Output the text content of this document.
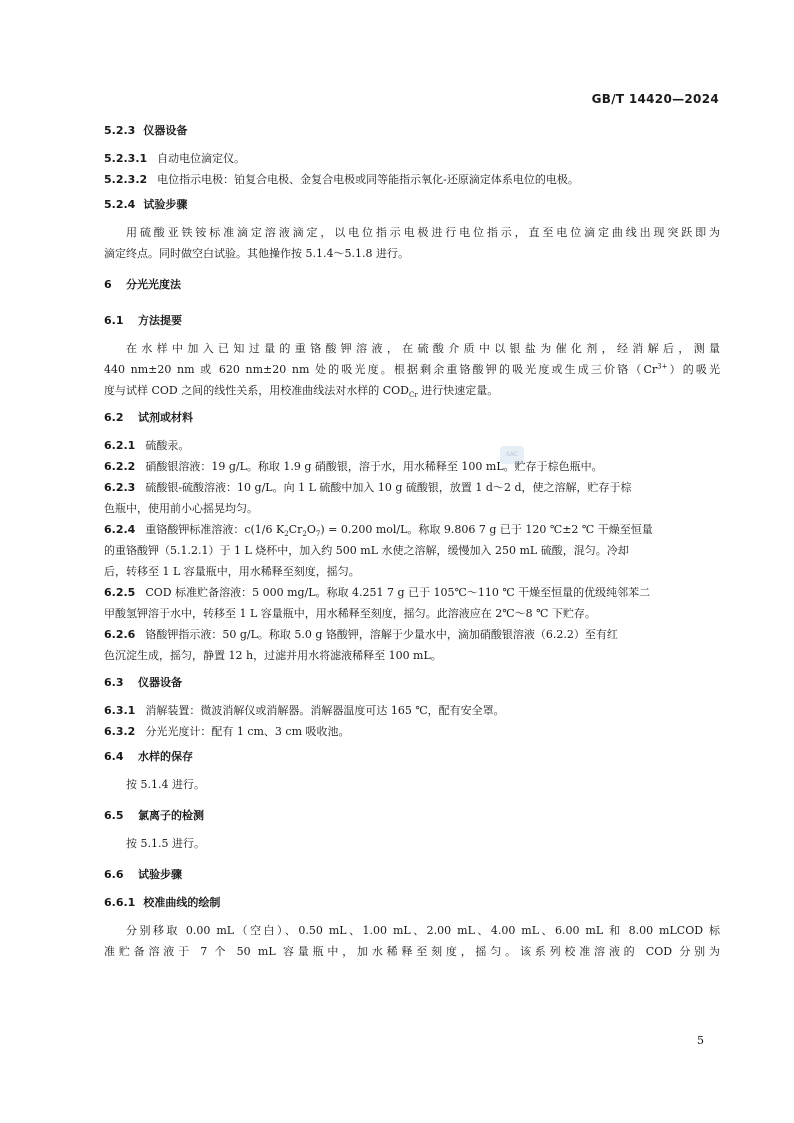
GB/T 14420—2024
SAC
5.2.3 仪器设备
5.2.3.1 自动电位滴定仪。
5.2.3.2 电位指示电极：铂复合电极、金复合电极或同等能指示氧化-还原滴定体系电位的电极。
5.2.4 试验步骤
用硫酸亚铁铵标准滴定溶液滴定，以电位指示电极进行电位指示，直至电位滴定曲线出现突跃即为
滴定终点。同时做空白试验。其他操作按 5.1.4～5.1.8 进行。
6 分光光度法
6.1 方法提要
在水样中加入已知过量的重铬酸钾溶液，在硫酸介质中以银盐为催化剂，经消解后，测量
440 nm±20 nm 或 620 nm±20 nm 处的吸光度。根据剩余重铬酸钾的吸光度或生成三价铬$(Cr^{3+})$的吸光
度与试样 COD 之间的线性关系，用校准曲线法对水样的 $COD_{Cr}$ 进行快速定量。
6.2 试剂或材料
6.2.1 硫酸汞。
6.2.2 硝酸银溶液：19 g/L。称取 1.9 g 硝酸银，溶于水，用水稀释至 100 mL。贮存于棕色瓶中。
6.2.3 硫酸银-硫酸溶液：10 g/L。向 1 L 硫酸中加入 10 g 硫酸银，放置 1 d～2 d，使之溶解，贮存于棕
色瓶中，使用前小心摇晃均匀。
6.2.4 重铬酸钾标准溶液：c(1/6 $K_2Cr_2O_7) = 0.200$ mol/L。称取 9.806 7 g 已于 120 ℃±2 ℃ 干燥至恒量
的重铬酸钾（5.1.2.1）于 1 L 烧杯中，加入约 500 mL 水使之溶解，缓慢加入 250 mL 硫酸，混匀。冷却
后，转移至 1 L 容量瓶中，用水稀释至刻度，摇匀。
6.2.5 COD 标准贮备溶液：5 000 mg/L。称取 4.251 7 g 已于 105℃～110 ℃ 干燥至恒量的优级纯邻苯二
甲酸氢钾溶于水中，转移至 1 L 容量瓶中，用水稀释至刻度，摇匀。此溶液应在 2℃～8 ℃ 下贮存。
6.2.6 铬酸钾指示液：50 g/L。称取 5.0 g 铬酸钾，溶解于少量水中，滴加硝酸银溶液（6.2.2）至有红
色沉淀生成，摇匀，静置 12 h，过滤并用水将滤液稀释至 100 mL。
6.3 仪器设备
6.3.1 消解装置：微波消解仪或消解器。消解器温度可达 165 ℃，配有安全罩。
6.3.2 分光光度计：配有 1 cm、3 cm 吸收池。
6.4 水样的保存
按 5.1.4 进行。
6.5 氯离子的检测
按 5.1.5 进行。
6.6 试验步骤
6.6.1 校准曲线的绘制
分别移取 0.00 mL（空白）、0.50 mL、1.00 mL、2.00 mL、4.00 mL、6.00 mL 和 8.00 mLCOD 标
准贮备溶液于 7 个 50 mL 容量瓶中，加水稀释至刻度，摇匀。该系列校准溶液的 COD 分别为
5
